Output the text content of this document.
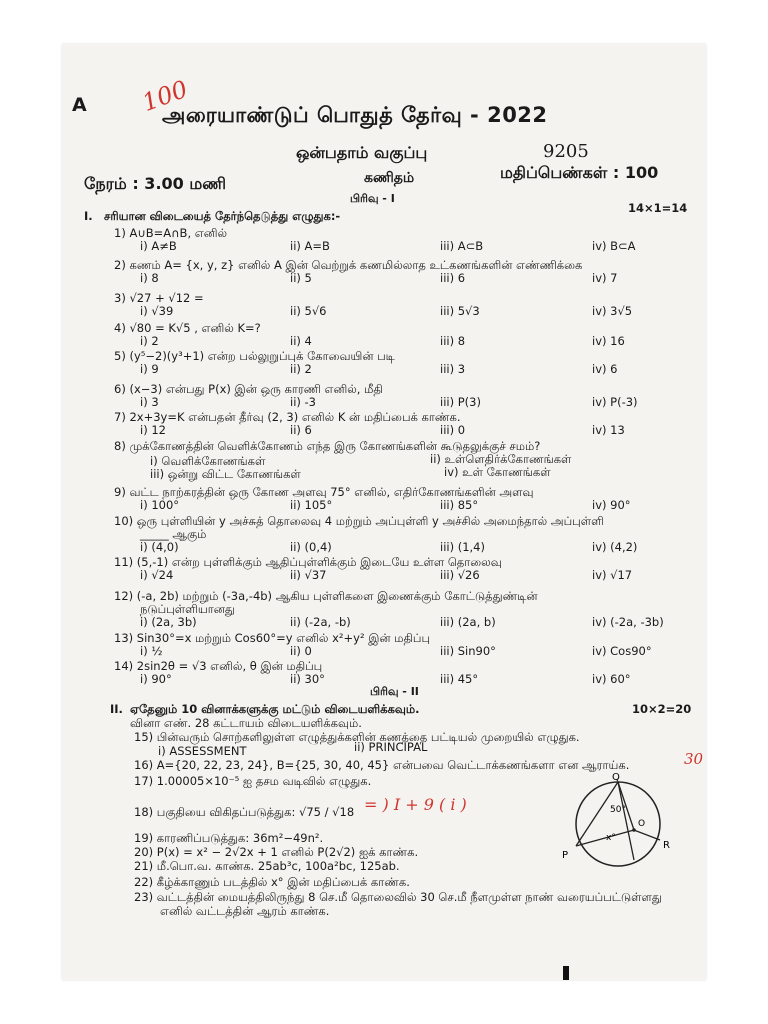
A 100
அரையாண்டுப் பொதுத் தேர்வு - 2022
ஒன்பதாம் வகுப்பு	9205
நேரம் : 3.00 மணி	கணிதம்	மதிப்பெண்கள் : 100
பிரிவு - I
I. சரியான விடையைத் தேர்ந்தெடுத்து எழுதுக:-
14×1=14
1) A∪B=A∩B, எனில்
i) A≠B	ii) A=B	iii) A⊂B	iv) B⊂A
2) கணம் A= {x, y, z} எனில் A இன் வெற்றுக் கணமில்லாத உட்கணங்களின் எண்ணிக்கை
i) 8	ii) 5	iii) 6	iv) 7
3) √27 + √12 =
i) √39	ii) 5√6	iii) 5√3	iv) 3√5
4) √80 = K√5 , எனில் K=?
i) 2	ii) 4	iii) 8	iv) 16
5) (y⁵−2)(y³+1) என்ற பல்லுறுப்புக் கோவையின் படி
i) 9	ii) 2	iii) 3	iv) 6
6) (x−3) என்பது P(x) இன் ஒரு காரணி எனில், மீதி
i) 3	ii) -3	iii) P(3)	iv) P(-3)
7) 2x+3y=K என்பதன் தீர்வு (2, 3) எனில் K ன் மதிப்பைக் காண்க.
i) 12	ii) 6	iii) 0	iv) 13
8) முக்கோணத்தின் வெளிக்கோணம் எந்த இரு கோணங்களின் கூடுதலுக்குச் சமம்?
i) வெளிக்கோணங்கள்	ii) உள்ளெதிர்க்கோணங்கள்
iii) ஒன்று விட்ட கோணங்கள்	iv) உள் கோணங்கள்
9) வட்ட நாற்கரத்தின் ஒரு கோண அளவு 75° எனில், எதிர்கோணங்களின் அளவு
i) 100°	ii) 105°	iii) 85°	iv) 90°
10) ஒரு புள்ளியின் y அச்சுத் தொலைவு 4 மற்றும் அப்புள்ளி y அச்சில் அமைந்தால் அப்புள்ளி
_____ ஆகும்
i) (4,0)	ii) (0,4)	iii) (1,4)	iv) (4,2)
11) (5,-1) என்ற புள்ளிக்கும் ஆதிப்புள்ளிக்கும் இடையே உள்ள தொலைவு
i) √24	ii) √37	iii) √26	iv) √17
12) (-a, 2b) மற்றும் (-3a,-4b) ஆகிய புள்ளிகளை இணைக்கும் கோட்டுத்துண்டின்
நடுப்புள்ளியானது
i) (2a, 3b)	ii) (-2a, -b)	iii) (2a, b)	iv) (-2a, -3b)
13) Sin30°=x மற்றும் Cos60°=y எனில் x²+y² இன் மதிப்பு
i) ½	ii) 0	iii) Sin90°	iv) Cos90°
14) 2sin2θ = √3 எனில், θ இன் மதிப்பு
i) 90°	ii) 30°	iii) 45°	iv) 60°
பிரிவு - II
II. ஏதேனும் 10 வினாக்களுக்கு மட்டும் விடையளிக்கவும்.	10×2=20
வினா எண். 28 கட்டாயம் விடையளிக்கவும்.
15) பின்வரும் சொற்களிலுள்ள எழுத்துக்களின் கணத்தை பட்டியல் முறையில் எழுதுக.
i) ASSESSMENT	ii) PRINCIPAL
16) A={20, 22, 23, 24}, B={25, 30, 40, 45} என்பவை வெட்டாக்கணங்களா என ஆராய்க.	30
17) 1.00005×10⁻⁵ ஐ தசம வடிவில் எழுதுக.
18) பகுதியை விகிதப்படுத்துக: √75 / √18 = ) I + 9 ( i )
19) காரணிப்படுத்துக: 36m²−49n².
20) P(x) = x² − 2√2x + 1 எனில் P(2√2) ஐக் காண்க.
21) மீ.பொ.வ. காண்க. 25ab³c, 100a²bc, 125ab.
22) கீழ்க்காணும் படத்தில் x° இன் மதிப்பைக் காண்க.
23) வட்டத்தின் மையத்திலிருந்து 8 செ.மீ தொலைவில் 30 செ.மீ நீளமுள்ள நாண் வரையப்பட்டுள்ளது
எனில் வட்டத்தின் ஆரம் காண்க.
Q
P
R
O
50°
x°
